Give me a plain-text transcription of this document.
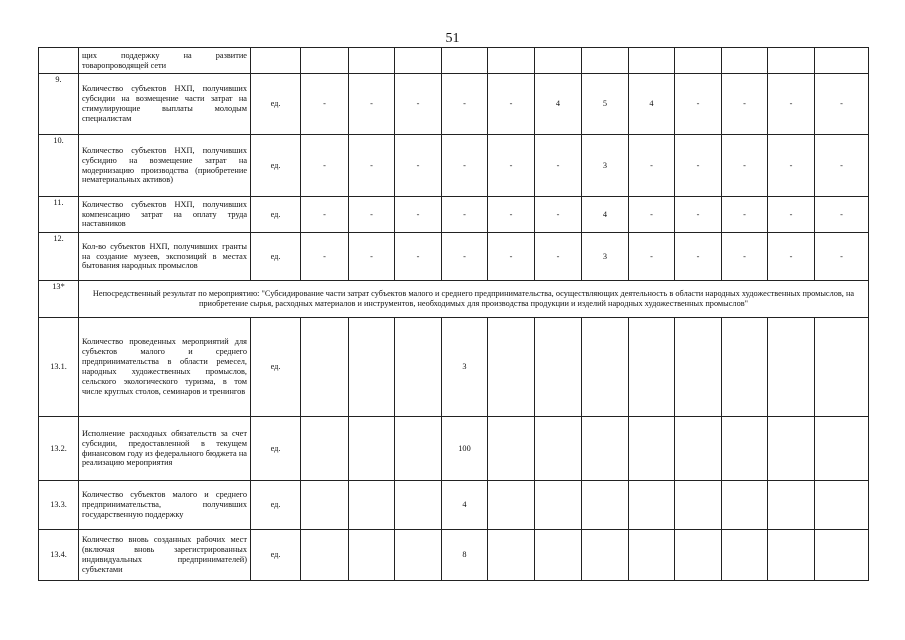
51
	щих поддержку на развитие товаропроводящей сети													
9.	Количество субъектов НХП, получивших субсидии на возмещение части затрат на стимулирующие выплаты молодым специалистам	ед.	-	-	-	-	-	4	5	4	-	-	-	-
10.	Количество субъектов НХП, получивших субсидию на возмещение затрат на модернизацию производства (приобретение нематериальных активов)	ед.	-	-	-	-	-	-	3	-	-	-	-	-
11.	Количество субъектов НХП, получивших компенсацию затрат на оплату труда наставников	ед.	-	-	-	-	-	-	4	-	-	-	-	-
12.	Кол-во субъектов НХП, получивших гранты на создание музеев, экспозиций в местах бытования народных промыслов	ед.	-	-	-	-	-	-	3	-	-	-	-	-
13*	Непосредственный результат по мероприятию: "Субсидирование части затрат субъектов малого и среднего предпринимательства, осуществляющих деятельность в области народных художественных промыслов, на приобретение сырья, расходных материалов и инструментов, необходимых для производства продукции и изделий народных художественных промыслов"													
13.1.	Количество проведенных мероприятий для субъектов малого и среднего предпринимательства в области ремесел, народных художественных промыслов, сельского экологического туризма, в том числе круглых столов, семинаров и тренингов	ед.				3								
13.2.	Исполнение расходных обязательств за счет субсидии, предоставленной в текущем финансовом году из федерального бюджета на реализацию мероприятия	ед.				100								
13.3.	Количество субъектов малого и среднего предпринимательства, получивших государственную поддержку	ед.				4								
13.4.	Количество вновь созданных рабочих мест (включая вновь зарегистрированных индивидуальных предпринимателей) субъектами	ед.				8								
